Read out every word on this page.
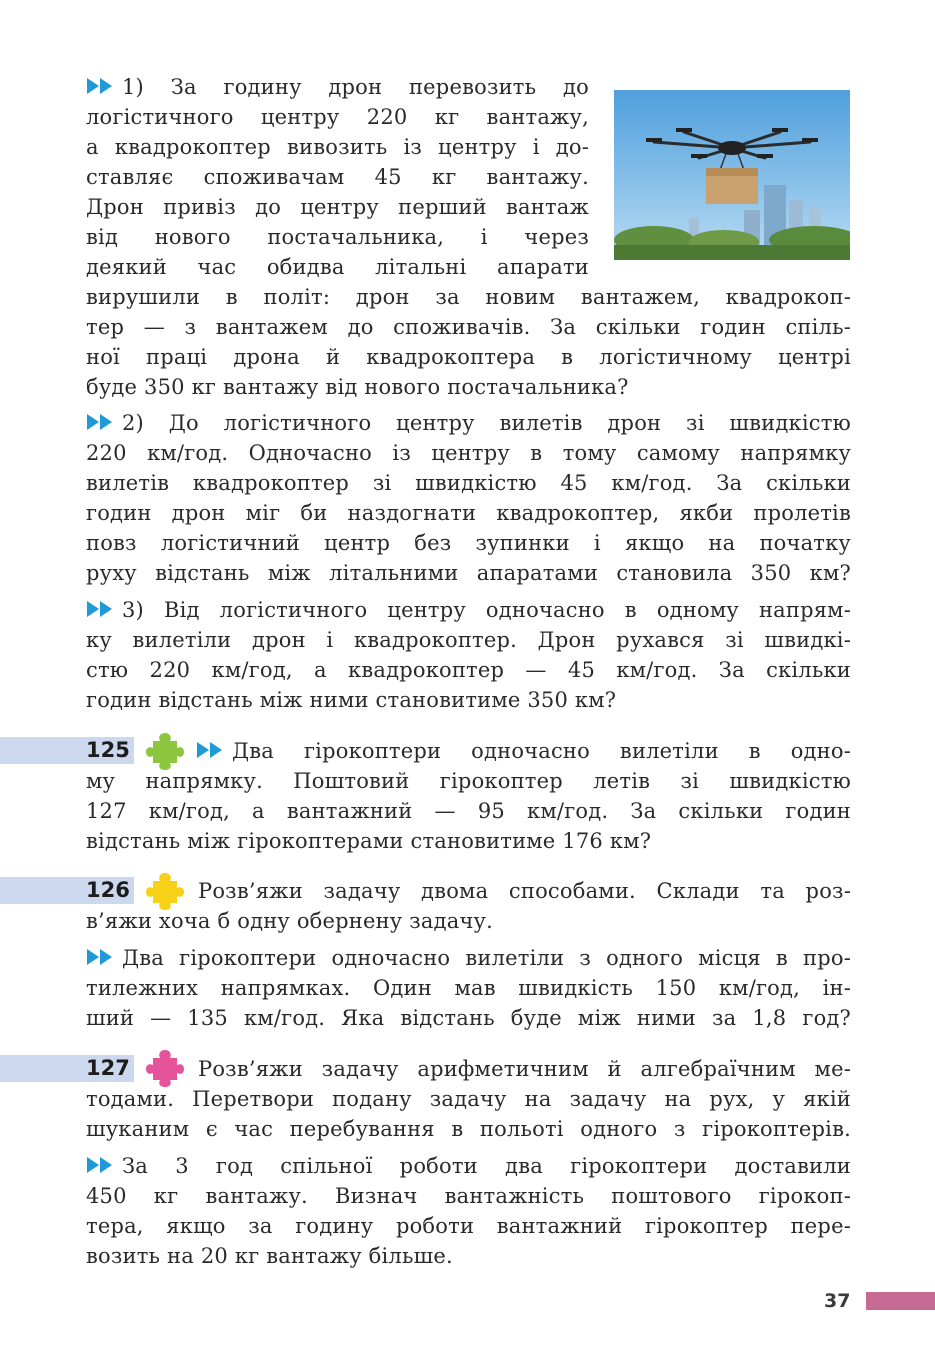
1) За годину дрон перевозить до
логістичного центру 220 кг вантажу,
а квадрокоптер вивозить із центру і до-
ставляє споживачам 45 кг вантажу.
Дрон привіз до центру перший вантаж
від нового постачальника, і через
деякий час обидва літальні апарати
вирушили в політ: дрон за новим вантажем, квадрокоп-
тер — з вантажем до споживачів. За скільки годин спіль-
ної праці дрона й квадрокоптера в логістичному центрі
буде 350 кг вантажу від нового постачальника?
2) До логістичного центру вилетів дрон зі швидкістю
220 км/год. Одночасно із центру в тому самому напрямку
вилетів квадрокоптер зі швидкістю 45 км/год. За скільки
годин дрон міг би наздогнати квадрокоптер, якби пролетів
повз логістичний центр без зупинки і якщо на початку
руху відстань між літальними апаратами становила 350 км?
3) Від логістичного центру одночасно в одному напрям-
ку вилетіли дрон і квадрокоптер. Дрон рухався зі швидкі-
стю 220 км/год, а квадрокоптер — 45 км/год. За скільки
годин відстань між ними становитиме 350 км?
125	Два гірокоптери одночасно вилетіли в одно-
му напрямку. Поштовий гірокоптер летів зі швидкістю
127 км/год, а вантажний — 95 км/год. За скільки годин
відстань між гірокоптерами становитиме 176 км?
126	Розв’яжи задачу двома способами. Склади та роз-
в’яжи хоча б одну обернену задачу.
Два гірокоптери одночасно вилетіли з одного місця в про-
тилежних напрямках. Один мав швидкість 150 км/год, ін-
ший — 135 км/год. Яка відстань буде між ними за 1,8 год?
127	Розв’яжи задачу арифметичним й алгебраїчним ме-
тодами. Перетвори подану задачу на задачу на рух, у якій
шуканим є час перебування в польоті одного з гірокоптерів.
За 3 год спільної роботи два гірокоптери доставили
450 кг вантажу. Визнач вантажність поштового гірокоп-
тера, якщо за годину роботи вантажний гірокоптер пере-
возить на 20 кг вантажу більше.
37
